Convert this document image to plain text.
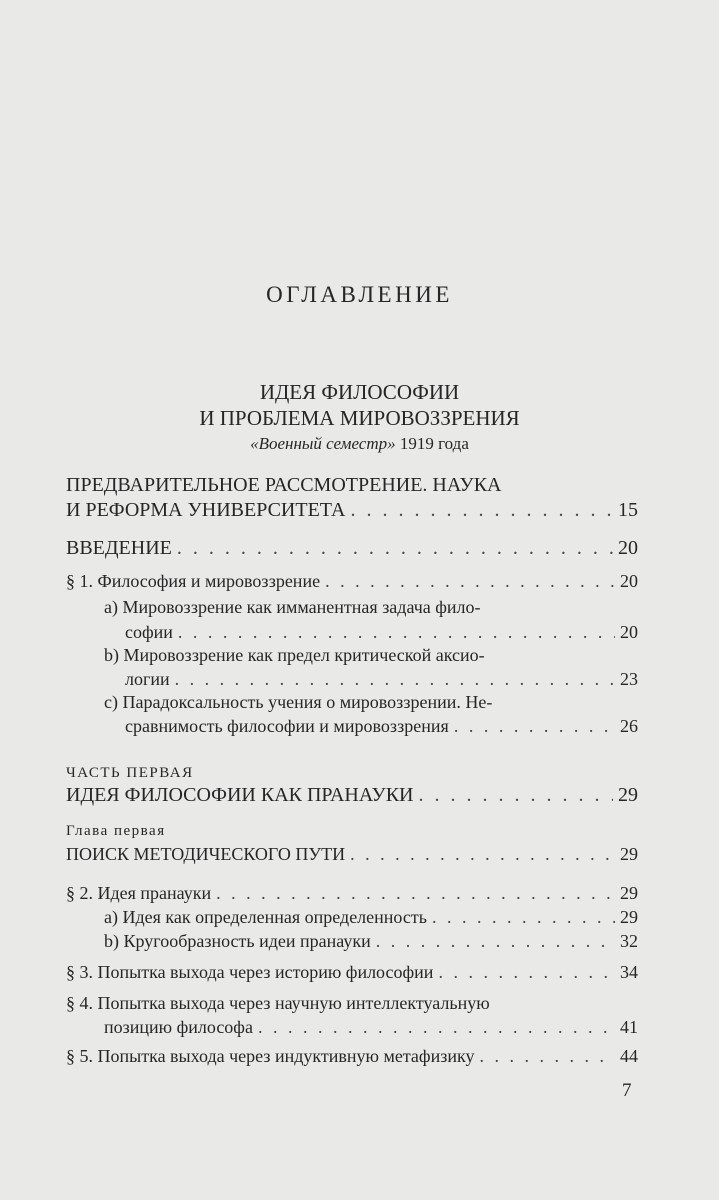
ОГЛАВЛЕНИЕ
ИДЕЯ ФИЛОСОФИИ
И ПРОБЛЕМА МИРОВОЗЗРЕНИЯ
«Военный семестр» 1919 года
ПРЕДВАРИТЕЛЬНОЕ РАССМОТРЕНИЕ. НАУКА
И РЕФОРМА УНИВЕРСИТЕТА . . .	15
ВВЕДЕНИЕ . . .	20
§ 1. Философия и мировоззрение . . .	20
a) Мировоззрение как имманентная задача фило-
софии . . .	20
b) Мировоззрение как предел критической аксио-
логии . . .	23
c) Парадоксальность учения о мировоззрении. Не-
сравнимость философии и мировоззрения . . .	26
ЧАСТЬ ПЕРВАЯ
ИДЕЯ ФИЛОСОФИИ КАК ПРАНАУКИ . . .	29
Глава первая
ПОИСК МЕТОДИЧЕСКОГО ПУТИ . . .	29
§ 2. Идея пранауки . . .	29
a) Идея как определенная определенность . . .	29
b) Кругообразность идеи пранауки . . .	32
§ 3. Попытка выхода через историю философии . . .	34
§ 4. Попытка выхода через научную интеллектуальную
позицию философа . . .	41
§ 5. Попытка выхода через индуктивную метафизику . . .	44
7
